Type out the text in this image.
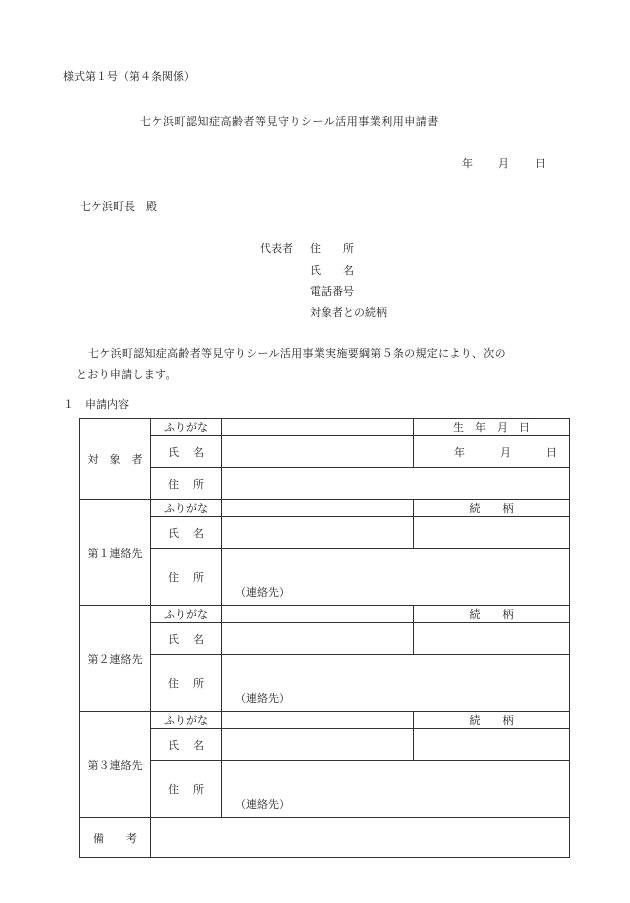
様式第１号（第４条関係）
七ケ浜町認知症高齢者等見守りシール活用事業利用申請書
年 月 日
七ケ浜町長　殿
代表者 住　　所
氏　　名
電話番号
対象者との続柄
七ケ浜町認知症高齢者等見守りシール活用事業実施要綱第５条の規定により、次の
とおり申請します。
１　申請内容
対　象　者	ふりがな		生　年　月　日
	氏 名		年 月 日

	住 所		
第１連絡先	ふりがな		続　　柄
	氏 名		
	住 所	（連絡先）	

第２連絡先	ふりがな		続　　柄
	氏 名		
	住 所	（連絡先）	

第３連絡先	ふりがな		続　　柄
	氏 名		
	住 所	（連絡先）	

備　　考			
